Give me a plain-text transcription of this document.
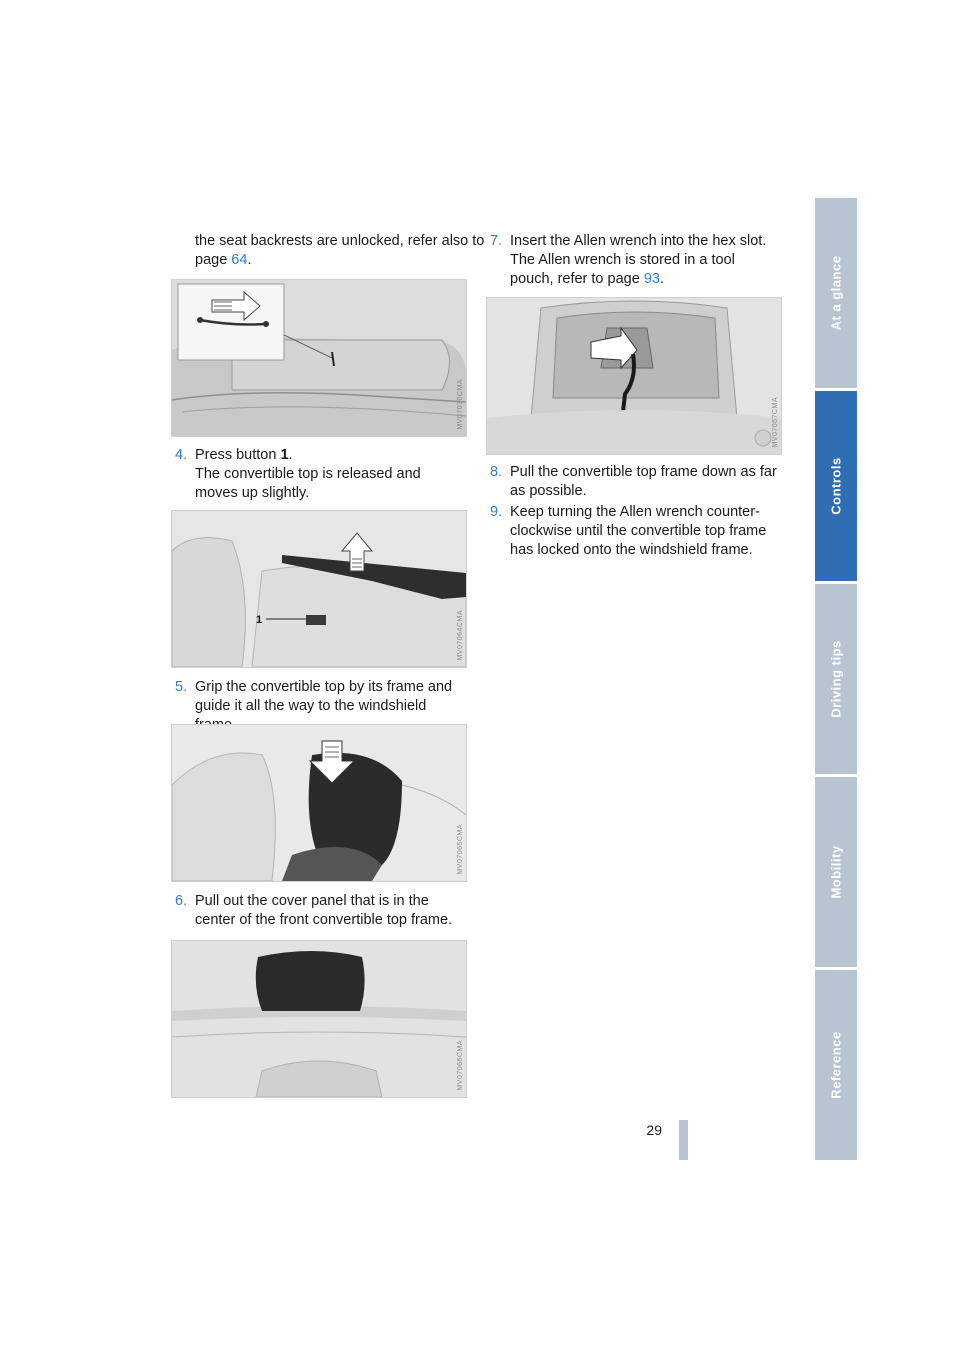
the seat backrests are unlocked, refer also to page 64.
MV07070CMA
4. Press button 1.
The convertible top is released and moves up slightly.
1	MV07064CMA
5. Grip the convertible top by its frame and guide it all the way to the windshield
MV07065CMA
6. Pull out the cover panel that is in the center of the front convertible top frame.
MV07066CMA
7. Insert the Allen wrench into the hex slot.
The Allen wrench is stored in a tool pouch, refer to page 93.
MV07067CMA
8. Pull the convertible top frame down as far as possible.
9. Keep turning the Allen wrench counter-clockwise until the convertible top frame has locked onto the windshield frame.
At a glance
Controls
Driving tips
Mobility
Reference
29
